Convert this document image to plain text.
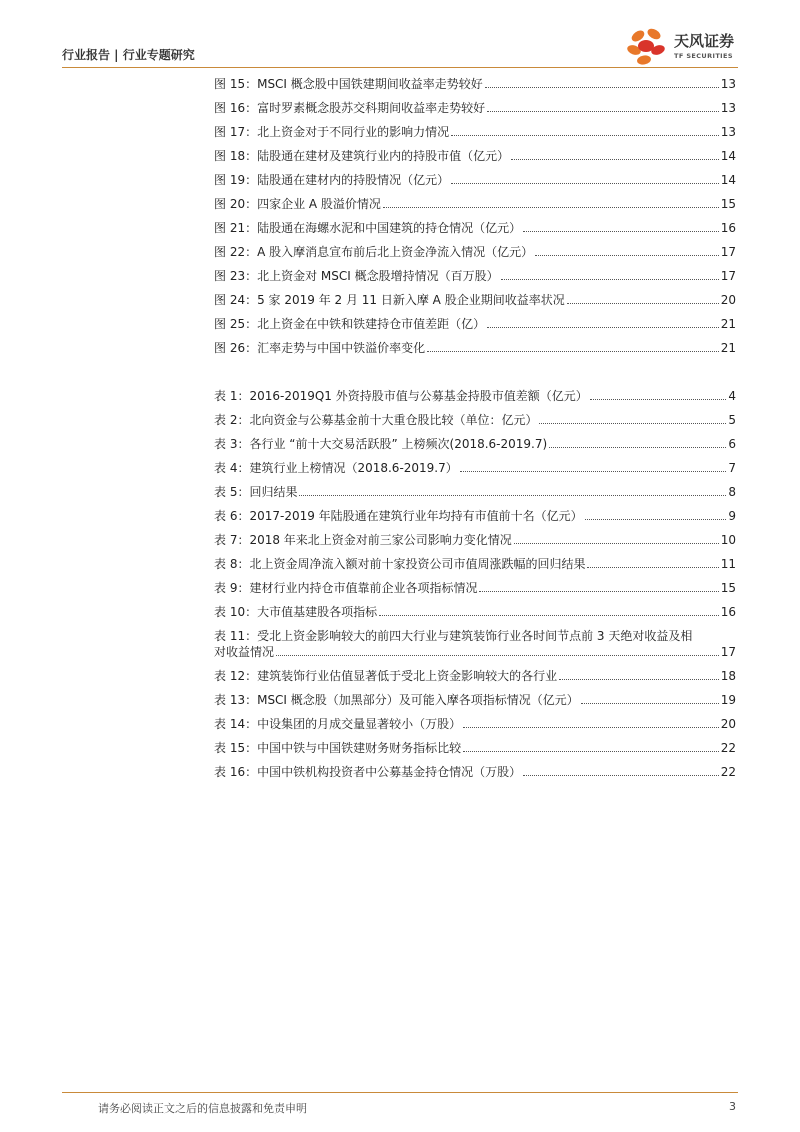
行业报告 | 行业专题研究
天风证券
TF SECURITIES
图 15：MSCI 概念股中国铁建期间收益率走势较好	13
图 16：富时罗素概念股苏交科期间收益率走势较好	13
图 17：北上资金对于不同行业的影响力情况	13
图 18：陆股通在建材及建筑行业内的持股市值（亿元）	14
图 19：陆股通在建材内的持股情况（亿元）	14
图 20：四家企业 A 股溢价情况	15
图 21：陆股通在海螺水泥和中国建筑的持仓情况（亿元）	16
图 22：A 股入摩消息宣布前后北上资金净流入情况（亿元）	17
图 23：北上资金对 MSCI 概念股增持情况（百万股）	17
图 24：5 家 2019 年 2 月 11 日新入摩 A 股企业期间收益率状况	20
图 25：北上资金在中铁和铁建持仓市值差距（亿）	21
图 26：汇率走势与中国中铁溢价率变化	21
表 1：2016-2019Q1 外资持股市值与公募基金持股市值差额（亿元）	4
表 2：北向资金与公募基金前十大重仓股比较（单位：亿元）	5
表 3：各行业 “前十大交易活跃股” 上榜频次(2018.6-2019.7)	6
表 4：建筑行业上榜情况（2018.6-2019.7）	7
表 5：回归结果	8
表 6：2017-2019 年陆股通在建筑行业年均持有市值前十名（亿元）	9
表 7：2018 年来北上资金对前三家公司影响力变化情况	10
表 8：北上资金周净流入额对前十家投资公司市值周涨跌幅的回归结果	11
表 9：建材行业内持仓市值靠前企业各项指标情况	15
表 10：大市值基建股各项指标	16
表 11：受北上资金影响较大的前四大行业与建筑装饰行业各时间节点前 3 天绝对收益及相
对收益情况	17
表 12：建筑装饰行业估值显著低于受北上资金影响较大的各行业	18
表 13：MSCI 概念股（加黑部分）及可能入摩各项指标情况（亿元）	19
表 14：中设集团的月成交量显著较小（万股）	20
表 15：中国中铁与中国铁建财务财务指标比较	22
表 16：中国中铁机构投资者中公募基金持仓情况（万股）	22
请务必阅读正文之后的信息披露和免责申明	3
